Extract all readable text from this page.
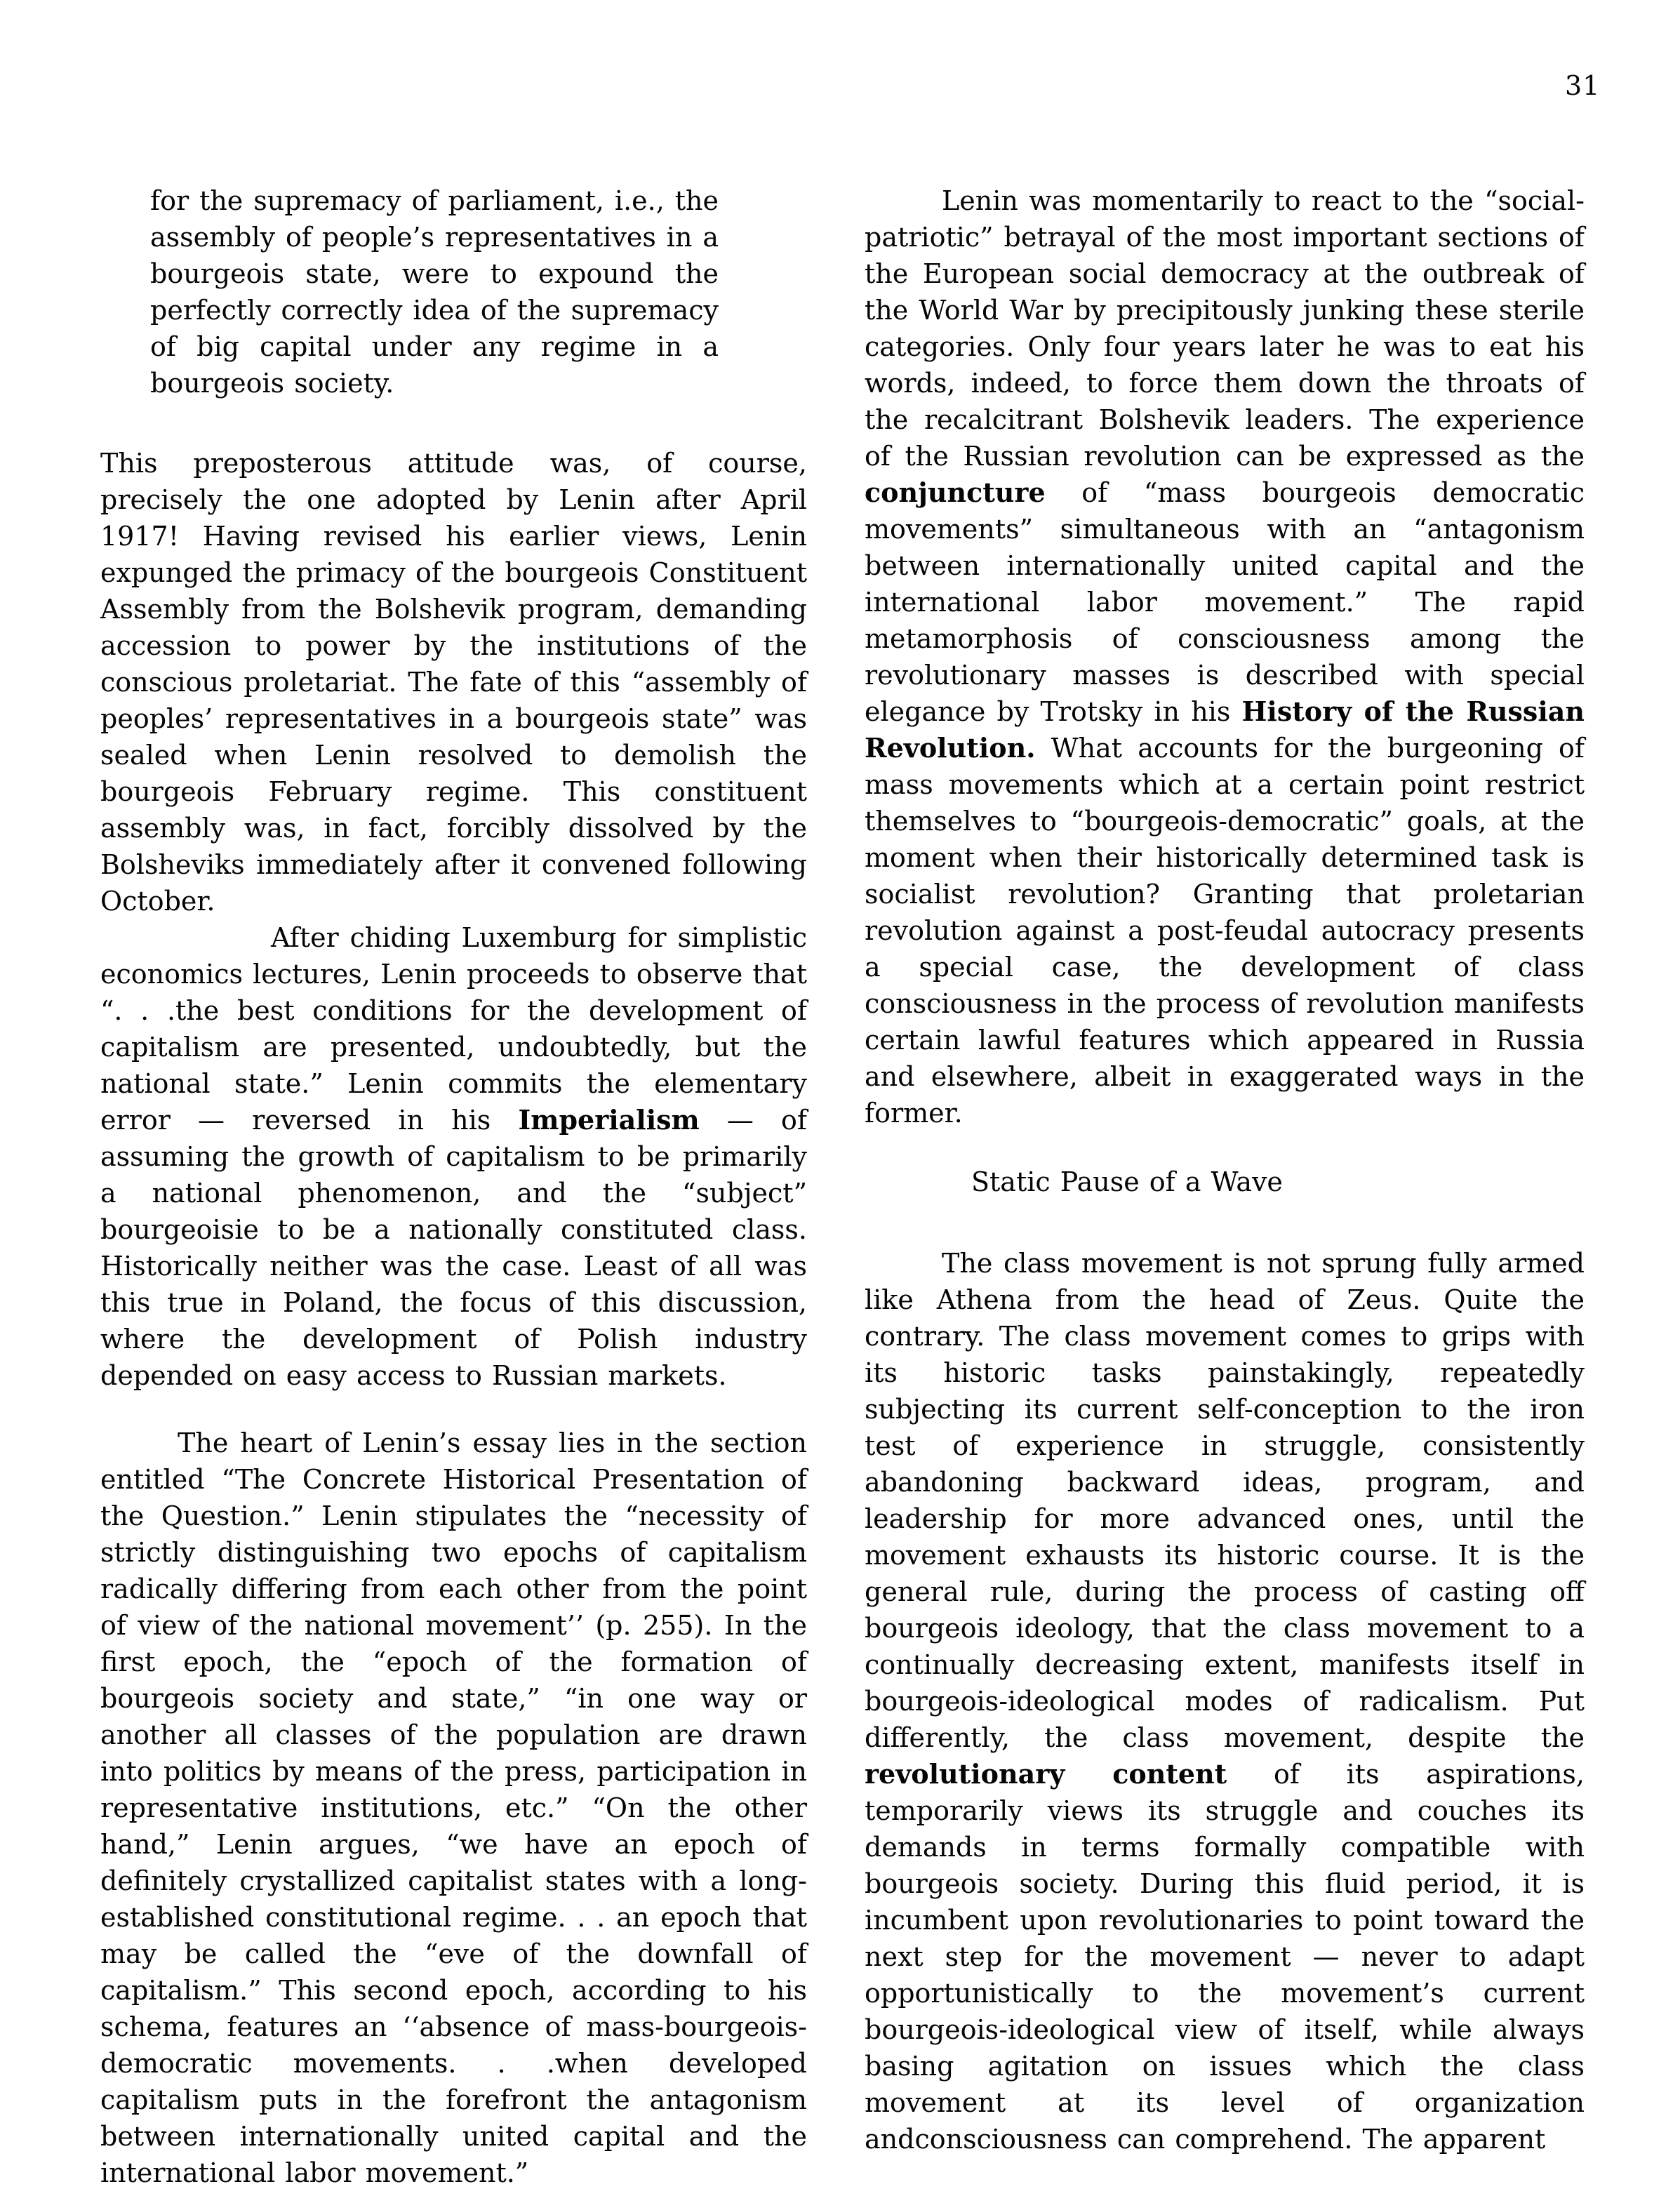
31

for the supremacy of parliament, i.e., the assembly of people’s representatives in a bourgeois state, were to expound the perfectly correctly idea of the supremacy of big capital under any regime in a bourgeois society.

This preposterous attitude was, of course, precisely the one adopted by Lenin after April 1917! Having revised his earlier views, Lenin expunged the primacy of the bourgeois Constituent Assembly from the Bolshevik program, demanding accession to power by the institutions of the conscious proletariat. The fate of this “assembly of peoples’ representatives in a bourgeois state” was sealed when Lenin resolved to demolish the bourgeois February regime. This constituent assembly was, in fact, forcibly dissolved by the Bolsheviks immediately after it convened following October.

After chiding Luxemburg for simplistic economics lectures, Lenin proceeds to observe that “. . .the best conditions for the development of capitalism are presented, undoubtedly, but the national state.” Lenin commits the elementary error — reversed in his Imperialism — of assuming the growth of capitalism to be primarily a national phenomenon, and the “subject” bourgeoisie to be a nationally constituted class. Historically neither was the case. Least of all was this true in Poland, the focus of this discussion, where the development of Polish industry depended on easy access to Russian markets.

The heart of Lenin’s essay lies in the section entitled “The Concrete Historical Presentation of the Question.” Lenin stipulates the “necessity of strictly distinguishing two epochs of capitalism radically differing from each other from the point of view of the national movement’’ (p. 255). In the first epoch, the “epoch of the formation of bourgeois society and state,” “in one way or another all classes of the population are drawn into politics by means of the press, participation in representative institutions, etc.” “On the other hand,” Lenin argues, “we have an epoch of definitely crystallized capitalist states with a long-established constitutional regime. . . an epoch that may be called the “eve of the downfall of capitalism.” This second epoch, according to his schema, features an ‘‘absence of mass-bourgeois-democratic movements. . .when developed capitalism puts in the forefront the antagonism between internationally united capital and the international labor movement.”

Lenin was momentarily to react to the “social-patriotic” betrayal of the most important sections of the European social democracy at the outbreak of the World War by precipitously junking these sterile categories. Only four years later he was to eat his words, indeed, to force them down the throats of the recalcitrant Bolshevik leaders. The experience of the Russian revolution can be expressed as the conjuncture of “mass bourgeois democratic movements” simultaneous with an “antagonism between internationally united capital and the international labor movement.” The rapid metamorphosis of consciousness among the revolutionary masses is described with special elegance by Trotsky in his History of the Russian Revolution. What accounts for the burgeoning of mass movements which at a certain point restrict themselves to “bourgeois-democratic” goals, at the moment when their historically determined task is socialist revolution? Granting that proletarian revolution against a post-feudal autocracy presents a special case, the development of class consciousness in the process of revolution manifests certain lawful features which appeared in Russia and elsewhere, albeit in exaggerated ways in the former.

Static Pause of a Wave

The class movement is not sprung fully armed like Athena from the head of Zeus. Quite the contrary. The class movement comes to grips with its historic tasks painstakingly, repeatedly subjecting its current self-conception to the iron test of experience in struggle, consistently abandoning backward ideas, program, and leadership for more advanced ones, until the movement exhausts its historic course. It is the general rule, during the process of casting off bourgeois ideology, that the class movement to a continually decreasing extent, manifests itself in bourgeois-ideological modes of radicalism. Put differently, the class movement, despite the revolutionary content of its aspirations, temporarily views its struggle and couches its demands in terms formally compatible with bourgeois society. During this fluid period, it is incumbent upon revolutionaries to point toward the next step for the movement — never to adapt opportunistically to the movement’s current bourgeois-ideological view of itself, while always basing agitation on issues which the class movement at its level of organization andconsciousness can comprehend. The apparent
